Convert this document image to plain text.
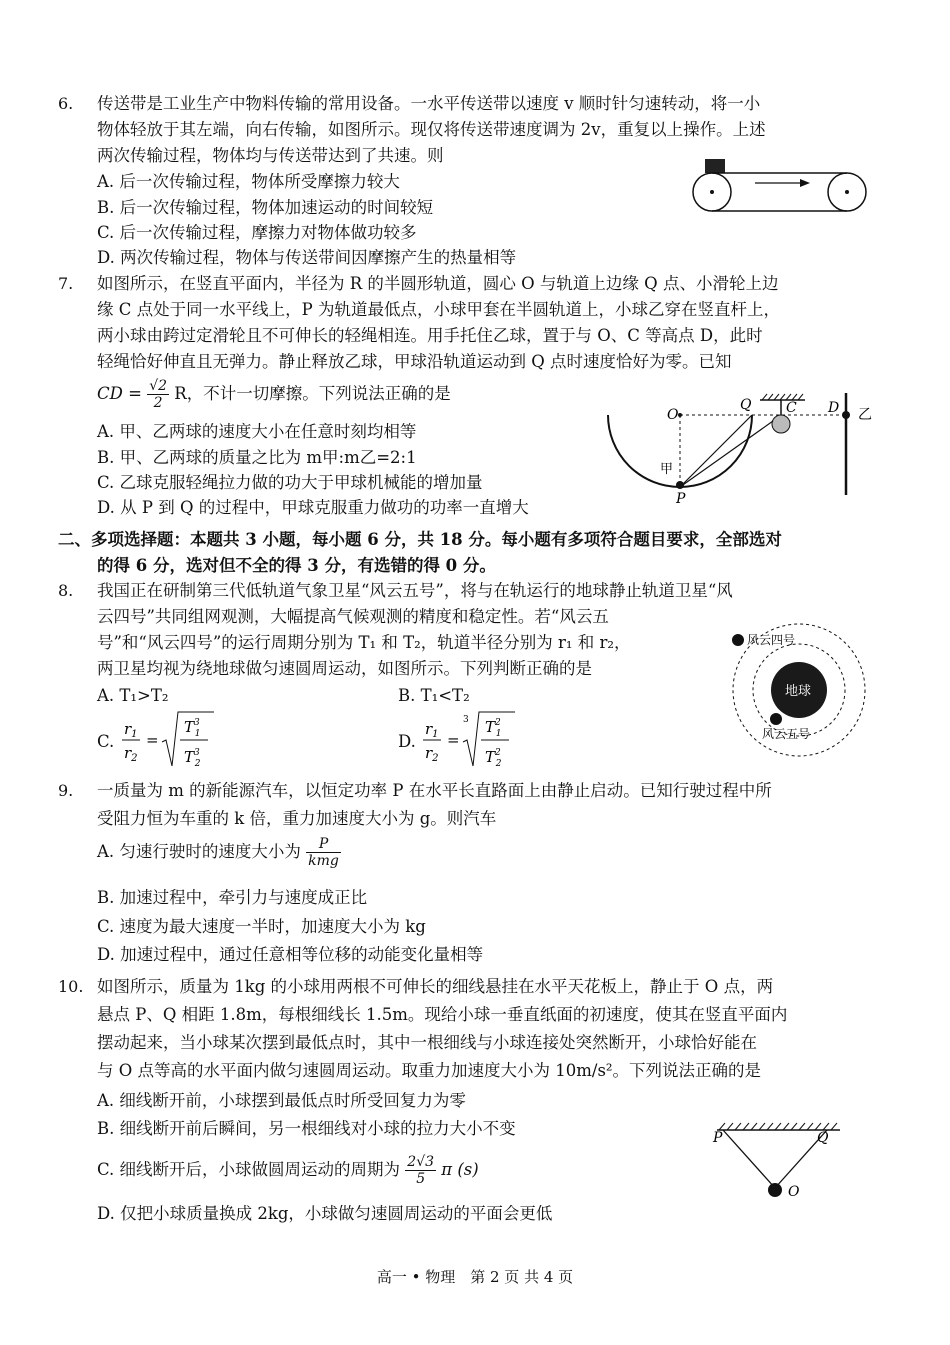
6. 传送带是工业生产中物料传输的常用设备。一水平传送带以速度 v 顺时针匀速转动，将一小
物体轻放于其左端，向右传输，如图所示。现仅将传送带速度调为 2v，重复以上操作。上述
两次传输过程，物体均与传送带达到了共速。则
A. 后一次传输过程，物体所受摩擦力较大
B. 后一次传输过程，物体加速运动的时间较短
C. 后一次传输过程，摩擦力对物体做功较多
D. 两次传输过程，物体与传送带间因摩擦产生的热量相等
7. 如图所示，在竖直平面内，半径为 R 的半圆形轨道，圆心 O 与轨道上边缘 Q 点、小滑轮上边
缘 C 点处于同一水平线上，P 为轨道最低点，小球甲套在半圆轨道上，小球乙穿在竖直杆上，
两小球由跨过定滑轮且不可伸长的轻绳相连。用手托住乙球，置于与 O、C 等高点 D，此时
轻绳恰好伸直且无弹力。静止释放乙球，甲球沿轨道运动到 Q 点时速度恰好为零。已知
CD = $\frac{√2}{2}$ R，不计一切摩擦。下列说法正确的是
A. 甲、乙两球的速度大小在任意时刻均相等
B. 甲、乙两球的质量之比为 m甲:m乙=2:1
C. 乙球克服轻绳拉力做的功大于甲球机械能的增加量
D. 从 P 到 Q 的过程中，甲球克服重力做功的功率一直增大
O
Q C D 乙
甲
P
二、多项选择题：本题共 3 小题，每小题 6 分，共 18 分。每小题有多项符合题目要求，全部选对
的得 6 分，选对但不全的得 3 分，有选错的得 0 分。
8. 我国正在研制第三代低轨道气象卫星“风云五号”，将与在轨运行的地球静止轨道卫星“风
云四号”共同组网观测，大幅提高气候观测的精度和稳定性。若“风云五
号”和“风云四号”的运行周期分别为 T₁ 和 T₂，轨道半径分别为 r₁ 和 r₂，
两卫星均视为绕地球做匀速圆周运动，如图所示。下列判断正确的是
A. T₁>T₂	B. T₁<T₂
C.
$r_1$
$r_2$
=
$T^3$ 1
$T^3$ 2
D.
$r_1$
$r_2$
=
3 $T^2$ 1
$T^2$ 2
地球
风云四号
风云五号
9. 一质量为 m 的新能源汽车，以恒定功率 P 在水平长直路面上由静止启动。已知行驶过程中所
受阻力恒为车重的 k 倍，重力加速度大小为 g。则汽车
A. 匀速行驶时的速度大小为 $\frac{P}{\text{kmg}}$
B. 加速过程中，牵引力与速度成正比
C. 速度为最大速度一半时，加速度大小为 kg
D. 加速过程中，通过任意相等位移的动能变化量相等
10. 如图所示，质量为 1kg 的小球用两根不可伸长的细线悬挂在水平天花板上，静止于 O 点，两
悬点 P、Q 相距 1.8m，每根细线长 1.5m。现给小球一垂直纸面的初速度，使其在竖直平面内
摆动起来，当小球某次摆到最低点时，其中一根细线与小球连接处突然断开，小球恰好能在
与 O 点等高的水平面内做匀速圆周运动。取重力加速度大小为 10m/s²。下列说法正确的是
A. 细线断开前，小球摆到最低点时所受回复力为零
B. 细线断开前后瞬间，另一根细线对小球的拉力大小不变
C. 细线断开后，小球做圆周运动的周期为 $\frac{2√3}{5}$ π (s)
D. 仅把小球质量换成 2kg，小球做匀速圆周运动的平面会更低
P	Q
O
高一 • 物理　第 2 页 共 4 页
